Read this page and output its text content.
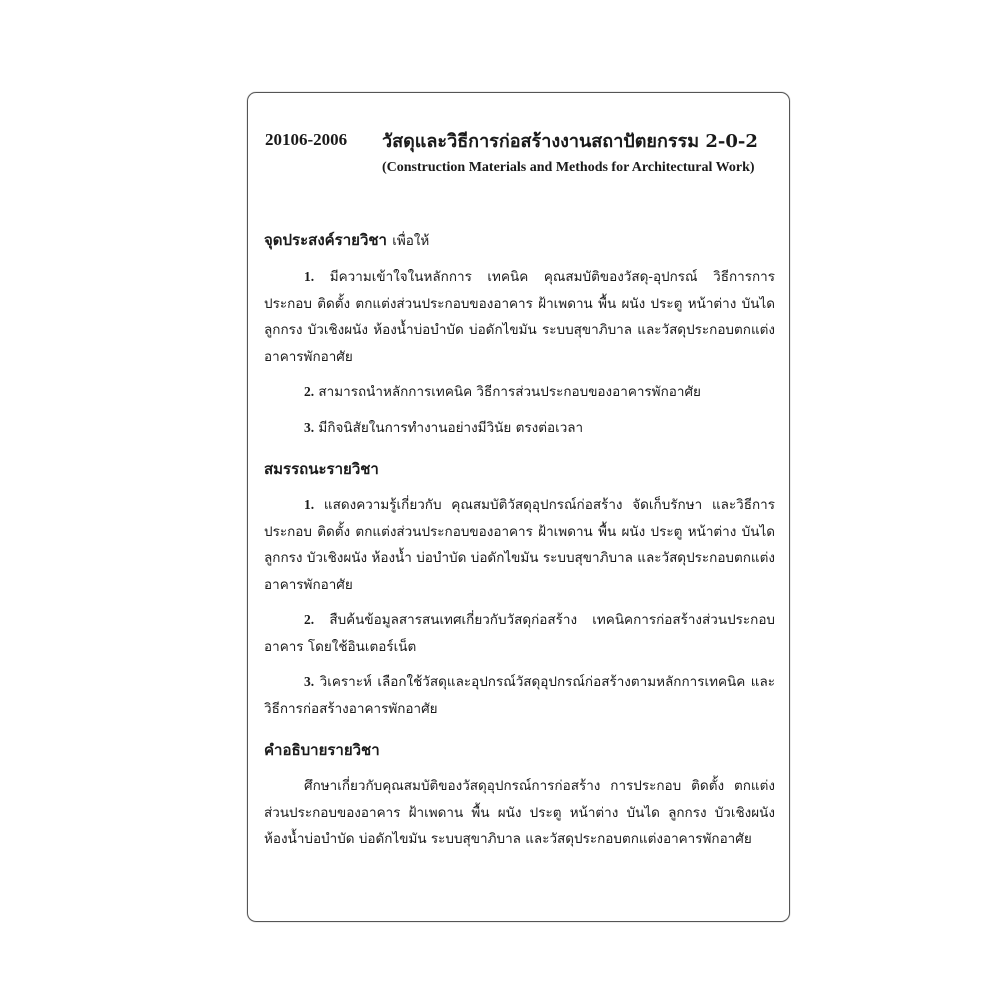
20106-2006 วัสดุและวิธีการก่อสร้างงานสถาปัตยกรรม 2-0-2
(Construction Materials and Methods for Architectural Work)

จุดประสงค์รายวิชา เพื่อให้

1. มีความเข้าใจในหลักการ เทคนิค คุณสมบัติของวัสดุ-อุปกรณ์ วิธีการการประกอบ ติดตั้ง ตกแต่งส่วนประกอบของอาคาร ฝ้าเพดาน พื้น ผนัง ประตู หน้าต่าง บันได ลูกกรง บัวเชิงผนัง ห้องน้ำบ่อบำบัด บ่อดักไขมัน ระบบสุขาภิบาล และวัสดุประกอบตกแต่งอาคารพักอาศัย

2. สามารถนำหลักการเทคนิค วิธีการส่วนประกอบของอาคารพักอาศัย

3. มีกิจนิสัยในการทำงานอย่างมีวินัย ตรงต่อเวลา

สมรรถนะรายวิชา

1. แสดงความรู้เกี่ยวกับ คุณสมบัติวัสดุอุปกรณ์ก่อสร้าง จัดเก็บรักษา และวิธีการประกอบ ติดตั้ง ตกแต่งส่วนประกอบของอาคาร ฝ้าเพดาน พื้น ผนัง ประตู หน้าต่าง บันได ลูกกรง บัวเชิงผนัง ห้องน้ำ บ่อบำบัด บ่อดักไขมัน ระบบสุขาภิบาล และวัสดุประกอบตกแต่งอาคารพักอาศัย

2. สืบค้นข้อมูลสารสนเทศเกี่ยวกับวัสดุก่อสร้าง เทคนิคการก่อสร้างส่วนประกอบอาคาร โดยใช้อินเตอร์เน็ต

3. วิเคราะห์ เลือกใช้วัสดุและอุปกรณ์วัสดุอุปกรณ์ก่อสร้างตามหลักการเทคนิค และวิธีการก่อสร้างอาคารพักอาศัย

คำอธิบายรายวิชา

ศึกษาเกี่ยวกับคุณสมบัติของวัสดุอุปกรณ์การก่อสร้าง การประกอบ ติดตั้ง ตกแต่ง ส่วนประกอบของอาคาร ฝ้าเพดาน พื้น ผนัง ประตู หน้าต่าง บันได ลูกกรง บัวเชิงผนัง ห้องน้ำบ่อบำบัด บ่อดักไขมัน ระบบสุขาภิบาล และวัสดุประกอบตกแต่งอาคารพักอาศัย
